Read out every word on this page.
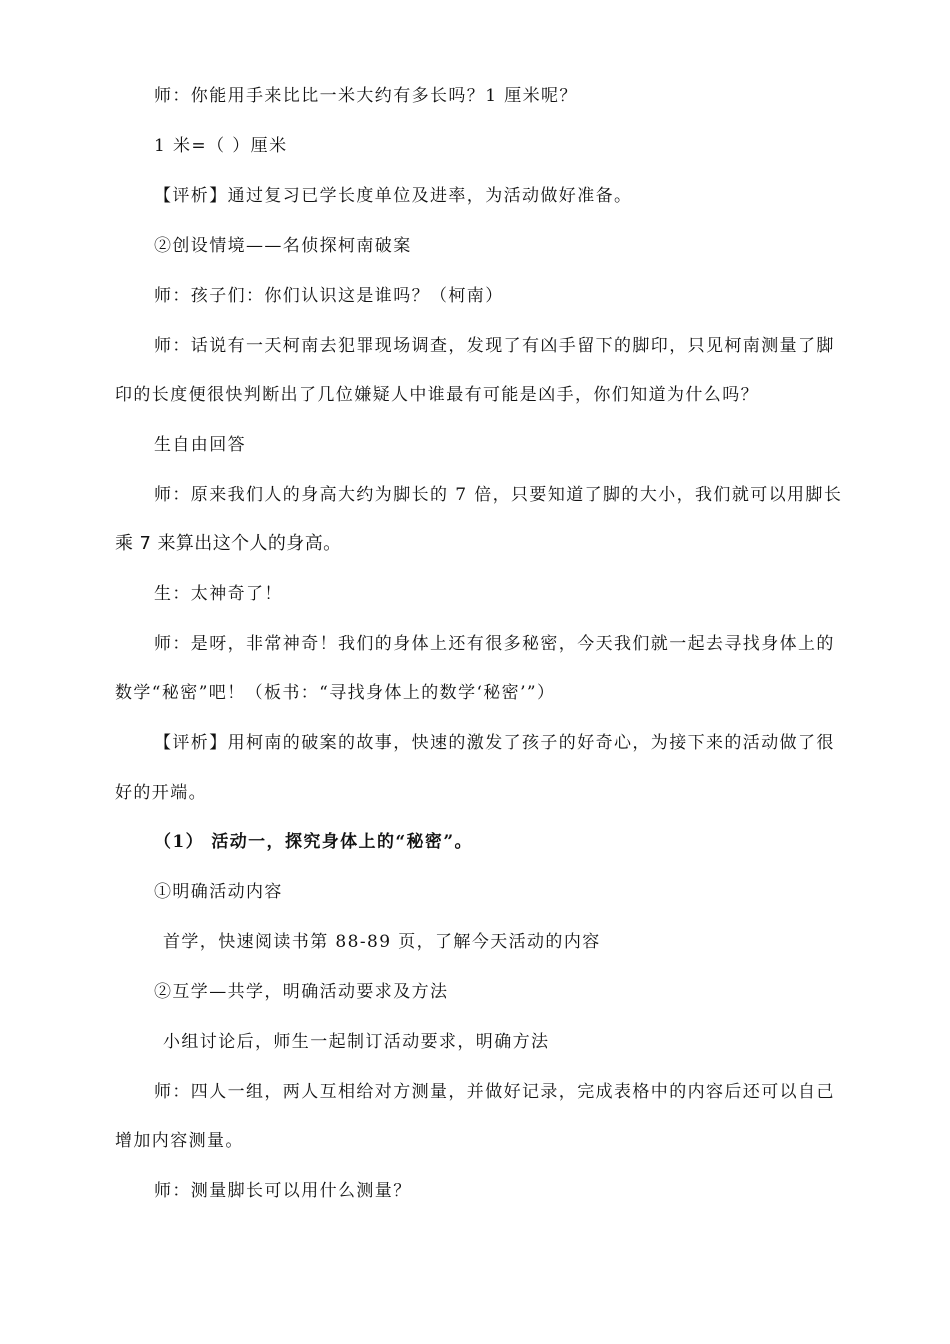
师：你能用手来比比一米大约有多长吗？1 厘米呢？
1 米=（ ）厘米
【评析】通过复习已学长度单位及进率，为活动做好准备。
②创设情境——名侦探柯南破案
师：孩子们：你们认识这是谁吗？（柯南）
师：话说有一天柯南去犯罪现场调查，发现了有凶手留下的脚印，只见柯南测量了脚
印的长度便很快判断出了几位嫌疑人中谁最有可能是凶手，你们知道为什么吗？
生自由回答
师：原来我们人的身高大约为脚长的 7 倍，只要知道了脚的大小，我们就可以用脚长
乘 7 来算出这个人的身高。
生：太神奇了！
师：是呀，非常神奇！我们的身体上还有很多秘密，今天我们就一起去寻找身体上的
数学“秘密”吧！（板书：“寻找身体上的数学‘秘密’”）
【评析】用柯南的破案的故事，快速的激发了孩子的好奇心，为接下来的活动做了很
好的开端。
（1） 活动一，探究身体上的“秘密”。
①明确活动内容
首学，快速阅读书第 88-89 页，了解今天活动的内容
②互学—共学，明确活动要求及方法
小组讨论后，师生一起制订活动要求，明确方法
师：四人一组，两人互相给对方测量，并做好记录，完成表格中的内容后还可以自己
增加内容测量。
师：测量脚长可以用什么测量？
